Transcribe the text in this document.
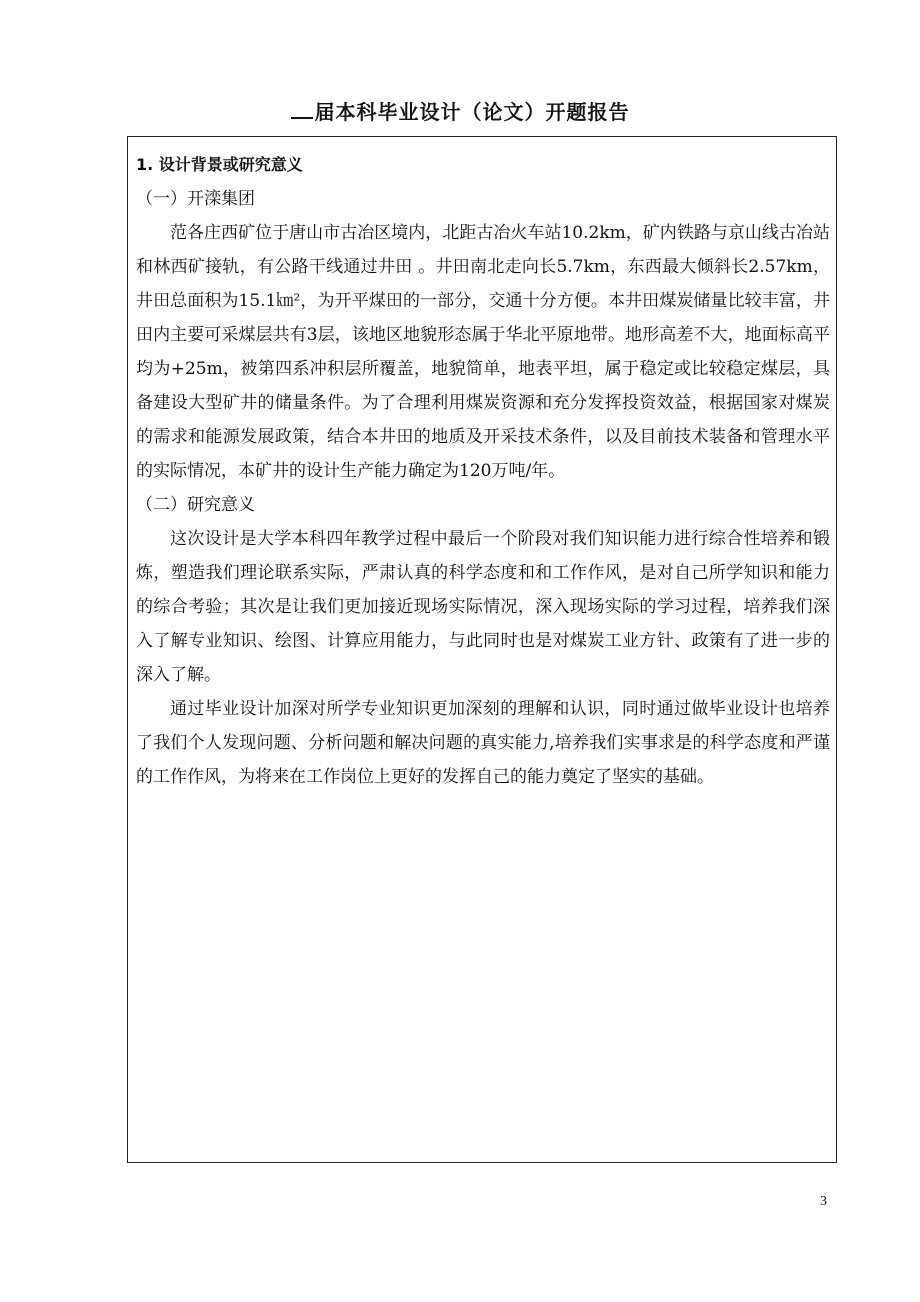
届本科毕业设计（论文）开题报告
1. 设计背景或研究意义

（一）开滦集团

范各庄西矿位于唐山市古冶区境内，北距古冶火车站10.2km，矿内铁路与京山线古冶站和林西矿接轨，有公路干线通过井田 。井田南北走向长5.7km，东西最大倾斜长2.57km，井田总面积为15.1㎞²，为开平煤田的一部分，交通十分方便。本井田煤炭储量比较丰富，井田内主要可采煤层共有3层，该地区地貌形态属于华北平原地带。地形高差不大，地面标高平均为+25m，被第四系冲积层所覆盖，地貌简单，地表平坦，属于稳定或比较稳定煤层，具备建设大型矿井的储量条件。为了合理利用煤炭资源和充分发挥投资效益，根据国家对煤炭的需求和能源发展政策，结合本井田的地质及开采技术条件，以及目前技术装备和管理水平的实际情况，本矿井的设计生产能力确定为120万吨/年。

（二）研究意义

这次设计是大学本科四年教学过程中最后一个阶段对我们知识能力进行综合性培养和锻炼，塑造我们理论联系实际，严肃认真的科学态度和和工作作风，是对自己所学知识和能力的综合考验；其次是让我们更加接近现场实际情况，深入现场实际的学习过程，培养我们深入了解专业知识、绘图、计算应用能力，与此同时也是对煤炭工业方针、政策有了进一步的深入了解。

通过毕业设计加深对所学专业知识更加深刻的理解和认识，同时通过做毕业设计也培养了我们个人发现问题、分析问题和解决问题的真实能力,培养我们实事求是的科学态度和严谨的工作作风，为将来在工作岗位上更好的发挥自己的能力奠定了坚实的基础。

3
